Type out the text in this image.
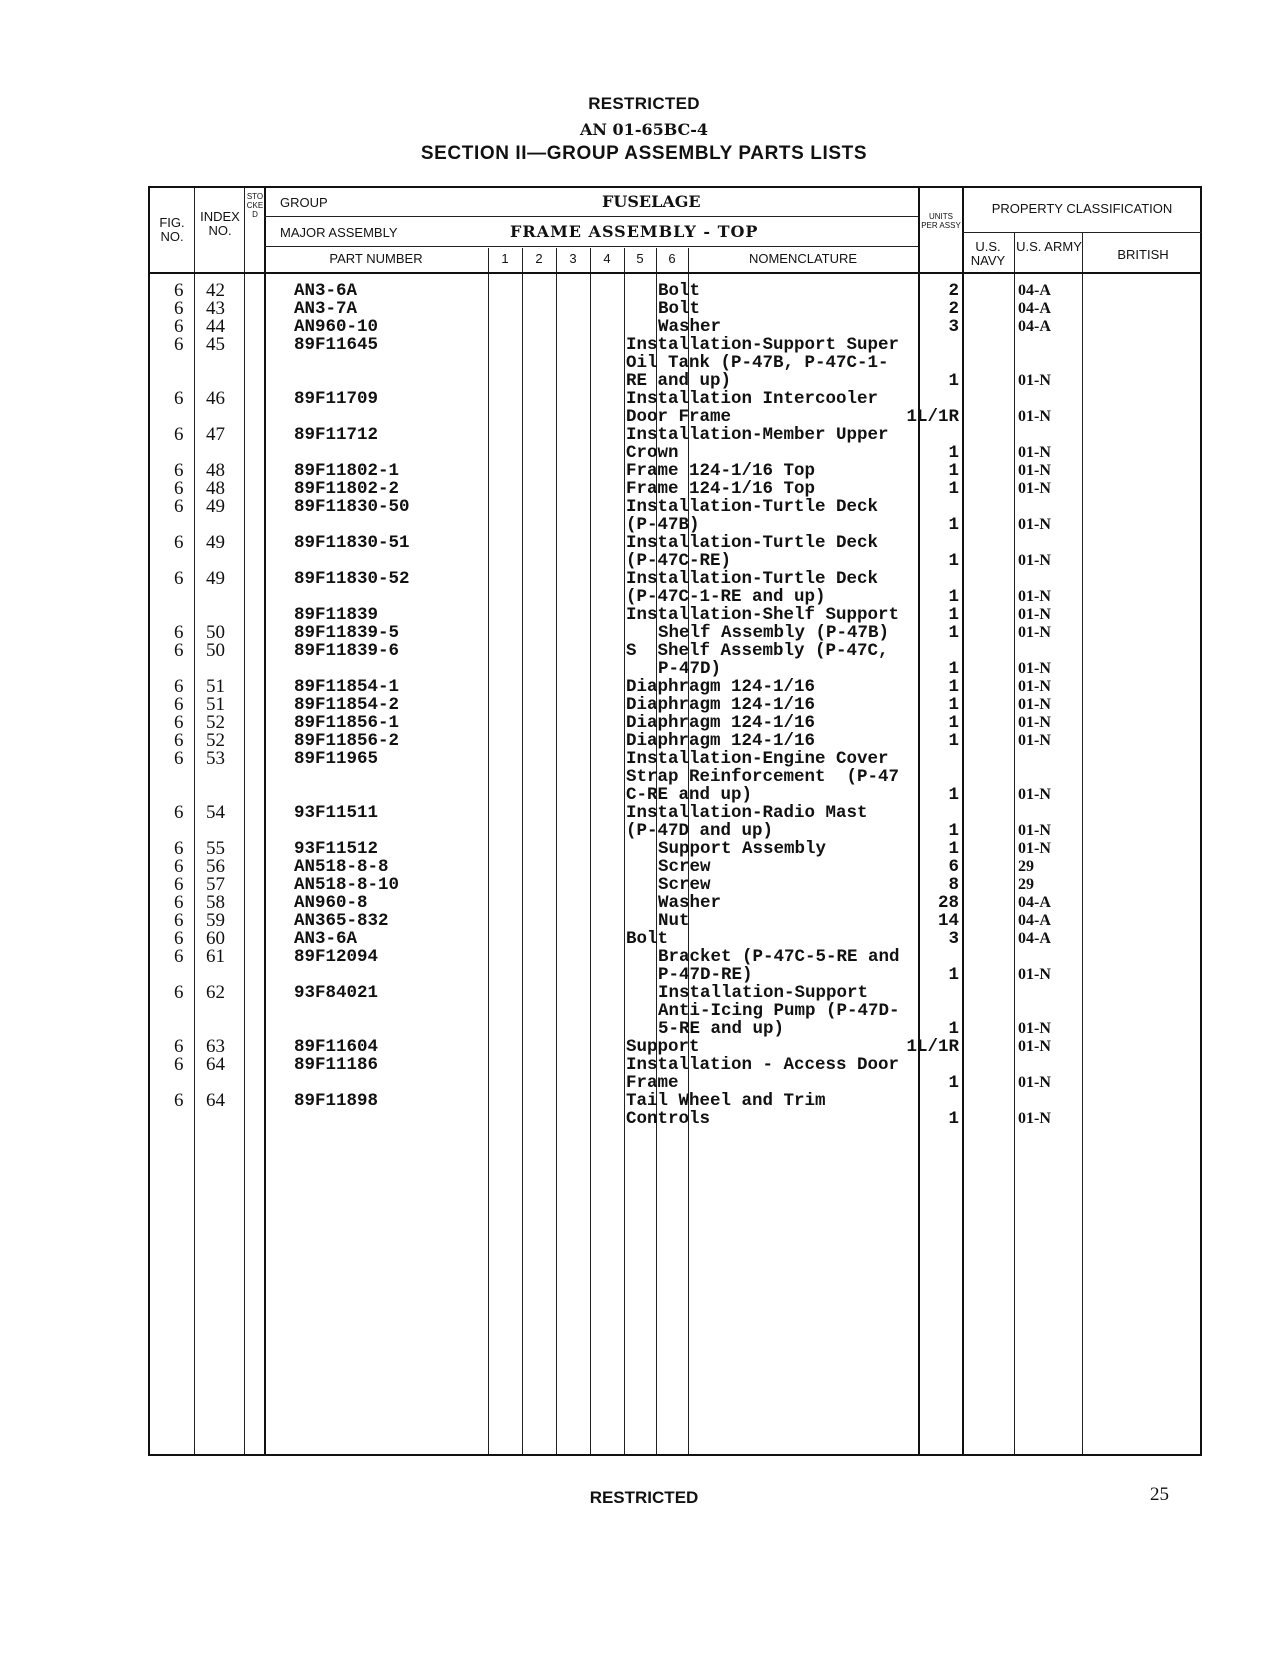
RESTRICTED
AN 01-65BC-4
SECTION II—GROUP ASSEMBLY PARTS LISTS
FIG. NO.
INDEX NO.
STOCKED
GROUP	FUSELAGE
MAJOR ASSEMBLY	FRAME ASSEMBLY - TOP
PART NUMBER	1	2	3	4	5	6	NOMENCLATURE
UNITS PER ASSY
PROPERTY CLASSIFICATION
U.S. NAVY
U.S. ARMY
BRITISH
6 42	AN3-6A	Bolt	2	04-A
6 43	AN3-7A	Bolt	2	04-A
6 44	AN960-10	Washer	3	04-A
6 45	89F11645	Installation-Support Super
Oil Tank (P-47B, P-47C-1-
RE and up)	1	01-N
6 46	89F11709	Installation Intercooler
Door Frame	1L/1R	01-N
6 47	89F11712	Installation-Member Upper
Crown	1	01-N
6 48	89F11802-1	Frame 124-1/16 Top	1	01-N
6 48	89F11802-2	Frame 124-1/16 Top	1	01-N
6 49	89F11830-50	Installation-Turtle Deck
(P-47B)	1	01-N
6 49	89F11830-51	Installation-Turtle Deck
(P-47C-RE)	1	01-N
6 49	89F11830-52	Installation-Turtle Deck
(P-47C-1-RE and up)	1	01-N
89F11839	Installation-Shelf Support	1	01-N
6 50	89F11839-5	Shelf Assembly (P-47B)	1	01-N
6 50	89F11839-6	S  Shelf Assembly (P-47C,
P-47D)	1	01-N
6 51	89F11854-1	Diaphragm 124-1/16	1	01-N
6 51	89F11854-2	Diaphragm 124-1/16	1	01-N
6 52	89F11856-1	Diaphragm 124-1/16	1	01-N
6 52	89F11856-2	Diaphragm 124-1/16	1	01-N
6 53	89F11965	Installation-Engine Cover
Strap Reinforcement  (P-47
C-RE and up)	1	01-N
6 54	93F11511	Installation-Radio Mast
(P-47D and up)	1	01-N
6 55	93F11512	Support Assembly	1	01-N
6 56	AN518-8-8	Screw	6	29
6 57	AN518-8-10	Screw	8	29
6 58	AN960-8	Washer	28	04-A
6 59	AN365-832	Nut	14	04-A
6 60	AN3-6A	Bolt	3	04-A
6 61	89F12094	Bracket (P-47C-5-RE and
P-47D-RE)	1	01-N
6 62	93F84021	Installation-Support
Anti-Icing Pump (P-47D-
5-RE and up)	1	01-N
6 63	89F11604	Support	1L/1R	01-N
6 64	89F11186	Installation - Access Door
Frame	1	01-N
6 64	89F11898	Tail Wheel and Trim
Controls	1	01-N
RESTRICTED	25
